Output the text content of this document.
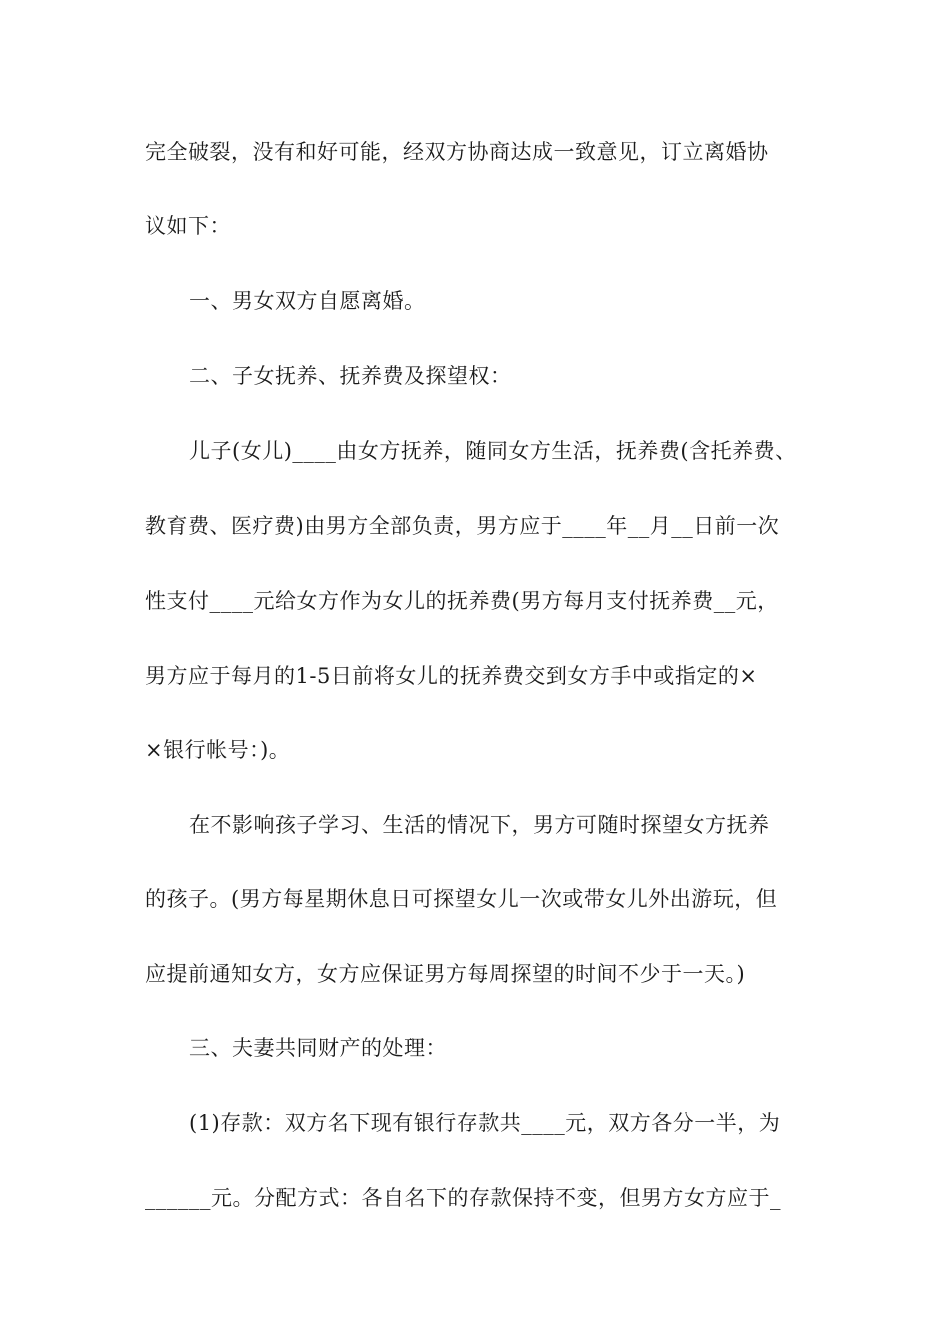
完全破裂，没有和好可能，经双方协商达成一致意见，订立离婚协
议如下：
一、男女双方自愿离婚。
二、子女抚养、抚养费及探望权：
儿子(女儿)____由女方抚养，随同女方生活，抚养费(含托养费、
教育费、医疗费)由男方全部负责，男方应于____年__月__日前一次
性支付____元给女方作为女儿的抚养费(男方每月支付抚养费__元，
男方应于每月的1-5日前将女儿的抚养费交到女方手中或指定的×
×银行帐号：)。
在不影响孩子学习、生活的情况下，男方可随时探望女方抚养
的孩子。(男方每星期休息日可探望女儿一次或带女儿外出游玩，但
应提前通知女方，女方应保证男方每周探望的时间不少于一天。)
三、夫妻共同财产的处理：
(1)存款：双方名下现有银行存款共____元，双方各分一半，为
______元。分配方式：各自名下的存款保持不变，但男方女方应于_
